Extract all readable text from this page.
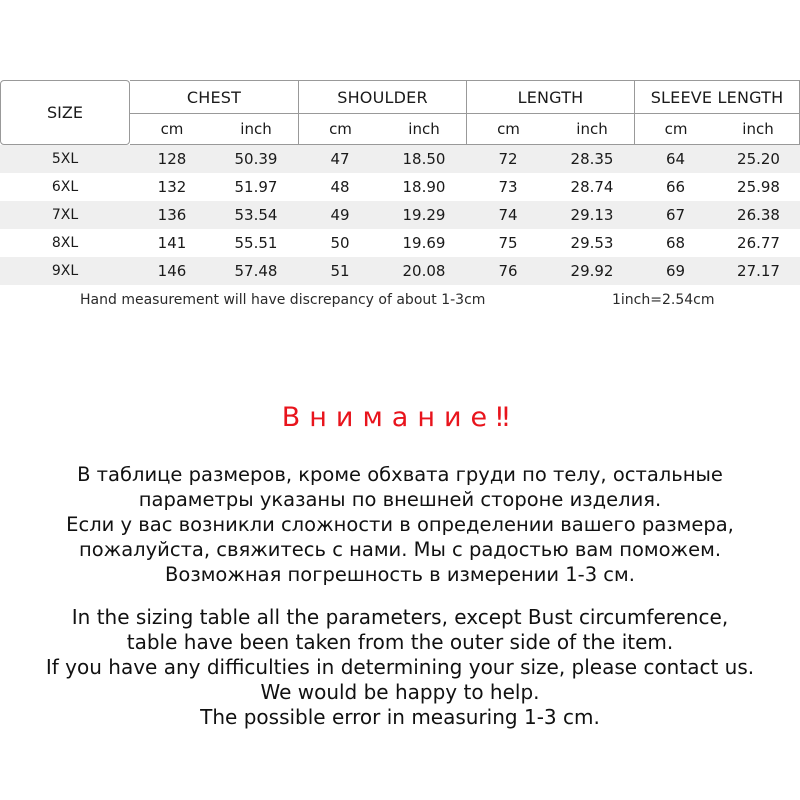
SIZE	CHEST		SHOULDER		LENGTH		SLEEVE LENGTH	
	cm	inch	cm	inch	cm	inch	cm	inch
5XL	128	50.39	47	18.50	72	28.35	64	25.20
6XL	132	51.97	48	18.90	73	28.74	66	25.98
7XL	136	53.54	49	19.29	74	29.13	67	26.38
8XL	141	55.51	50	19.69	75	29.53	68	26.77
9XL	146	57.48	51	20.08	76	29.92	69	27.17
Hand measurement will have discrepancy of about 1-3cm	1inch=2.54cm
Внимание‼
В таблице размеров, кроме обхвата груди по телу, остальные
параметры указаны по внешней стороне изделия.
Если у вас возникли сложности в определении вашего размера,
пожалуйста, свяжитесь с нами. Мы с радостью вам поможем.
Возможная погрешность в измерении 1-3 см.
In the sizing table all the parameters, except Bust circumference,
table have been taken from the outer side of the item.
If you have any difficulties in determining your size, please contact us.
We would be happy to help.
The possible error in measuring 1-3 cm.
